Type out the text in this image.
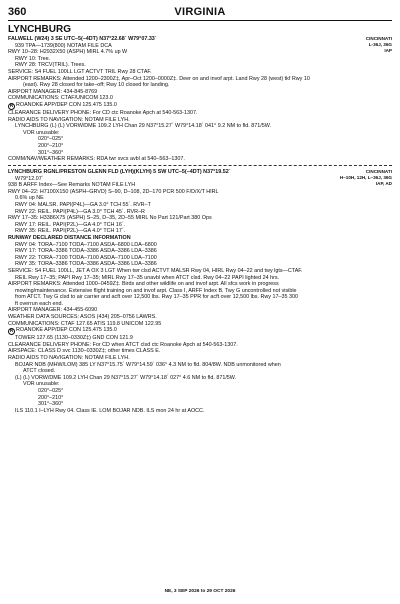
360	VIRGINIA
LYNCHBURG
CINCINNATI
L-36J, 36G
IAP
FALWELL (W24) 3 SE UTC–5(–4DT) N37°22.68´ W79°07.33´
939 TPA—1739(800) NOTAM FILE DCA
RWY 10–28: H2932X50 (ASPH) MIRL 4.7% up W
RWY 10: Tree.
RWY 28: TRCV(TRIL). Trees.
SERVICE: S4 FUEL 100LL LGT ACTVT TRIL Rwy 28 CTAF.
AIRPORT REMARKS: Attended 1200–2300Z‡, Apr–Oct 1200–0000Z‡. Deer on and invof arpt. Land Rwy 28 (west) tkf Rwy 10
(east). Rwy 28 closed for take–off; Rwy 10 closed for landing.
AIRPORT MANAGER: 434-845-8769
COMMUNICATIONS: CTAF/UNICOM 123.0
R ROANOKE APP/DEP CON 125.475 135.0
CLEARANCE DELIVERY PHONE: For CD ctc Roanoke Apch at 540-563-1307.
RADIO AIDS TO NAVIGATION: NOTAM FILE LYH.
LYNCHBURG (L) (L) VORW/DME 109.2 LYH Chan 29 N37°15.27´ W79°14.18´ 041° 9.2 NM to fld. 871/5W.
VOR unusable:
020°–025°
200°–210°
301°–360°
COMM/NAV/WEATHER REMARKS: RDA twr svcs avbl at 540–563–1307.
CINCINNATI
H–10H, 12H, L–36J, 36G
IAP, AD
LYNCHBURG RGNL/PRESTON GLENN FLD (LYH)(KLYH) 5 SW UTC–5(–4DT) N37°19.52´
W79°12.07´
938 B ARFF Index—See Remarks NOTAM FILE LYH
RWY 04–22: H7100X150 (ASPH–GRVD) S–90, D–108, 2D–170 PCR 500 F/D/X/T HIRL
0.6% up NE
RWY 04: MALSR. PAPI(P4L)—GA 3.0° TCH 55´. RVR–T
RWY 22: REIL. PAPI(P4L)—GA 3.0° TCH 45´. RVR–R
RWY 17–35: H3386X75 (ASPH) S–25, D–35, 2D–55 MIRL No Part 121/Part 380 Ops
RWY 17: REIL. PAPI(P2L)—GA 4.0° TCH 16´.
RWY 35: REIL. PAPI(P2L)—GA 4.0° TCH 17´.
RUNWAY DECLARED DISTANCE INFORMATION
RWY 04: TORA–7100 TODA–7100 ASDA–6800 LDA–6800
RWY 17: TORA–3386 TODA–3386 ASDA–3386 LDA–3386
RWY 22: TORA–7100 TODA–7100 ASDA–7100 LDA–7100
RWY 35: TORA–3386 TODA–3386 ASDA–3386 LDA–3386
SERVICE: S4 FUEL 100LL, JET A OX 3 LGT When twr clsd ACTVT MALSR Rwy 04, HIRL Rwy 04–22 and twy lgts—CTAF.
REIL Rwy 17–35; PAPI Rwy 17–35; MIRL Rwy 17–35 unavbl when ATCT clsd. Rwy 04–22 PAPI lighted 24 hrs.
AIRPORT REMARKS: Attended 1000–0459Z‡. Birds and other wildlife on and invof arpt. All sfcs work in progress
mowing/maintenance. Extensive flight training on and invof arpt. Class I, ARFF Index B. Twy G uncontrolled not visible
from ATCT. Twy G clsd to air carrier and acft over 12,500 lbs. Rwy 17–35 PPR for acft over 12,500 lbs. Rwy 17–35 300
ft overrun each end.
AIRPORT MANAGER: 434-455-6090
WEATHER DATA SOURCES: ASOS (434) 205–0756 LAWRS.
COMMUNICATIONS: CTAF 127.65 ATIS 119.8 UNICOM 122.95
R ROANOKE APP/DEP CON 125.475 135.0
TOWER 127.65 (1130–0330Z‡) GND CON 121.9
CLEARANCE DELIVERY PHONE: For CD when ATCT clsd ctc Roanoke Apch at 540-563-1307.
AIRSPACE: CLASS D svc 1130–0330Z‡; other times CLASS E.
RADIO AIDS TO NAVIGATION: NOTAM FILE LYH.
BOJAR NDB (MHW/LOM) 385 LY N37°15.75´ W79°14.59´ 036° 4.3 NM to fld. 804/8W. NDB unmonitored when
ATCT closed.
(L) (L) VORW/DME 109.2 LYH Chan 29 N37°15.27´ W79°14.18´ 027° 4.6 NM to fld. 871/5W.
VOR unusable:
020°–025°
200°–210°
301°–360°
ILS 110.1 I–LYH Rwy 04. Class IE. LOM BOJAR NDB. ILS mon 24 hr at AOCC.
NE, 3 SEP 2026 to 29 OCT 2026
